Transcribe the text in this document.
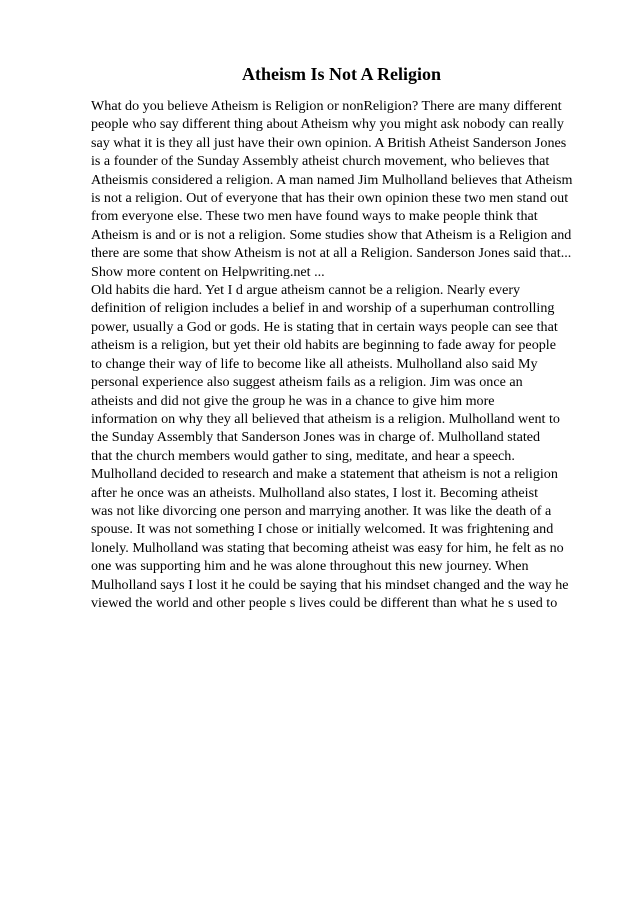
Atheism Is Not A Religion
What do you believe Atheism is Religion or nonReligion? There are many different
people who say different thing about Atheism why you might ask nobody can really
say what it is they all just have their own opinion. A British Atheist Sanderson Jones
is a founder of the Sunday Assembly atheist church movement, who believes that
Atheismis considered a religion. A man named Jim Mulholland believes that Atheism
is not a religion. Out of everyone that has their own opinion these two men stand out
from everyone else. These two men have found ways to make people think that
Atheism is and or is not a religion. Some studies show that Atheism is a Religion and
there are some that show Atheism is not at all a Religion. Sanderson Jones said that...
Show more content on Helpwriting.net ...
Old habits die hard. Yet I d argue atheism cannot be a religion. Nearly every
definition of religion includes a belief in and worship of a superhuman controlling
power, usually a God or gods. He is stating that in certain ways people can see that
atheism is a religion, but yet their old habits are beginning to fade away for people
to change their way of life to become like all atheists. Mulholland also said My
personal experience also suggest atheism fails as a religion. Jim was once an
atheists and did not give the group he was in a chance to give him more
information on why they all believed that atheism is a religion. Mulholland went to
the Sunday Assembly that Sanderson Jones was in charge of. Mulholland stated
that the church members would gather to sing, meditate, and hear a speech.
Mulholland decided to research and make a statement that atheism is not a religion
after he once was an atheists. Mulholland also states, I lost it. Becoming atheist
was not like divorcing one person and marrying another. It was like the death of a
spouse. It was not something I chose or initially welcomed. It was frightening and
lonely. Mulholland was stating that becoming atheist was easy for him, he felt as no
one was supporting him and he was alone throughout this new journey. When
Mulholland says I lost it he could be saying that his mindset changed and the way he
viewed the world and other people s lives could be different than what he s used to
